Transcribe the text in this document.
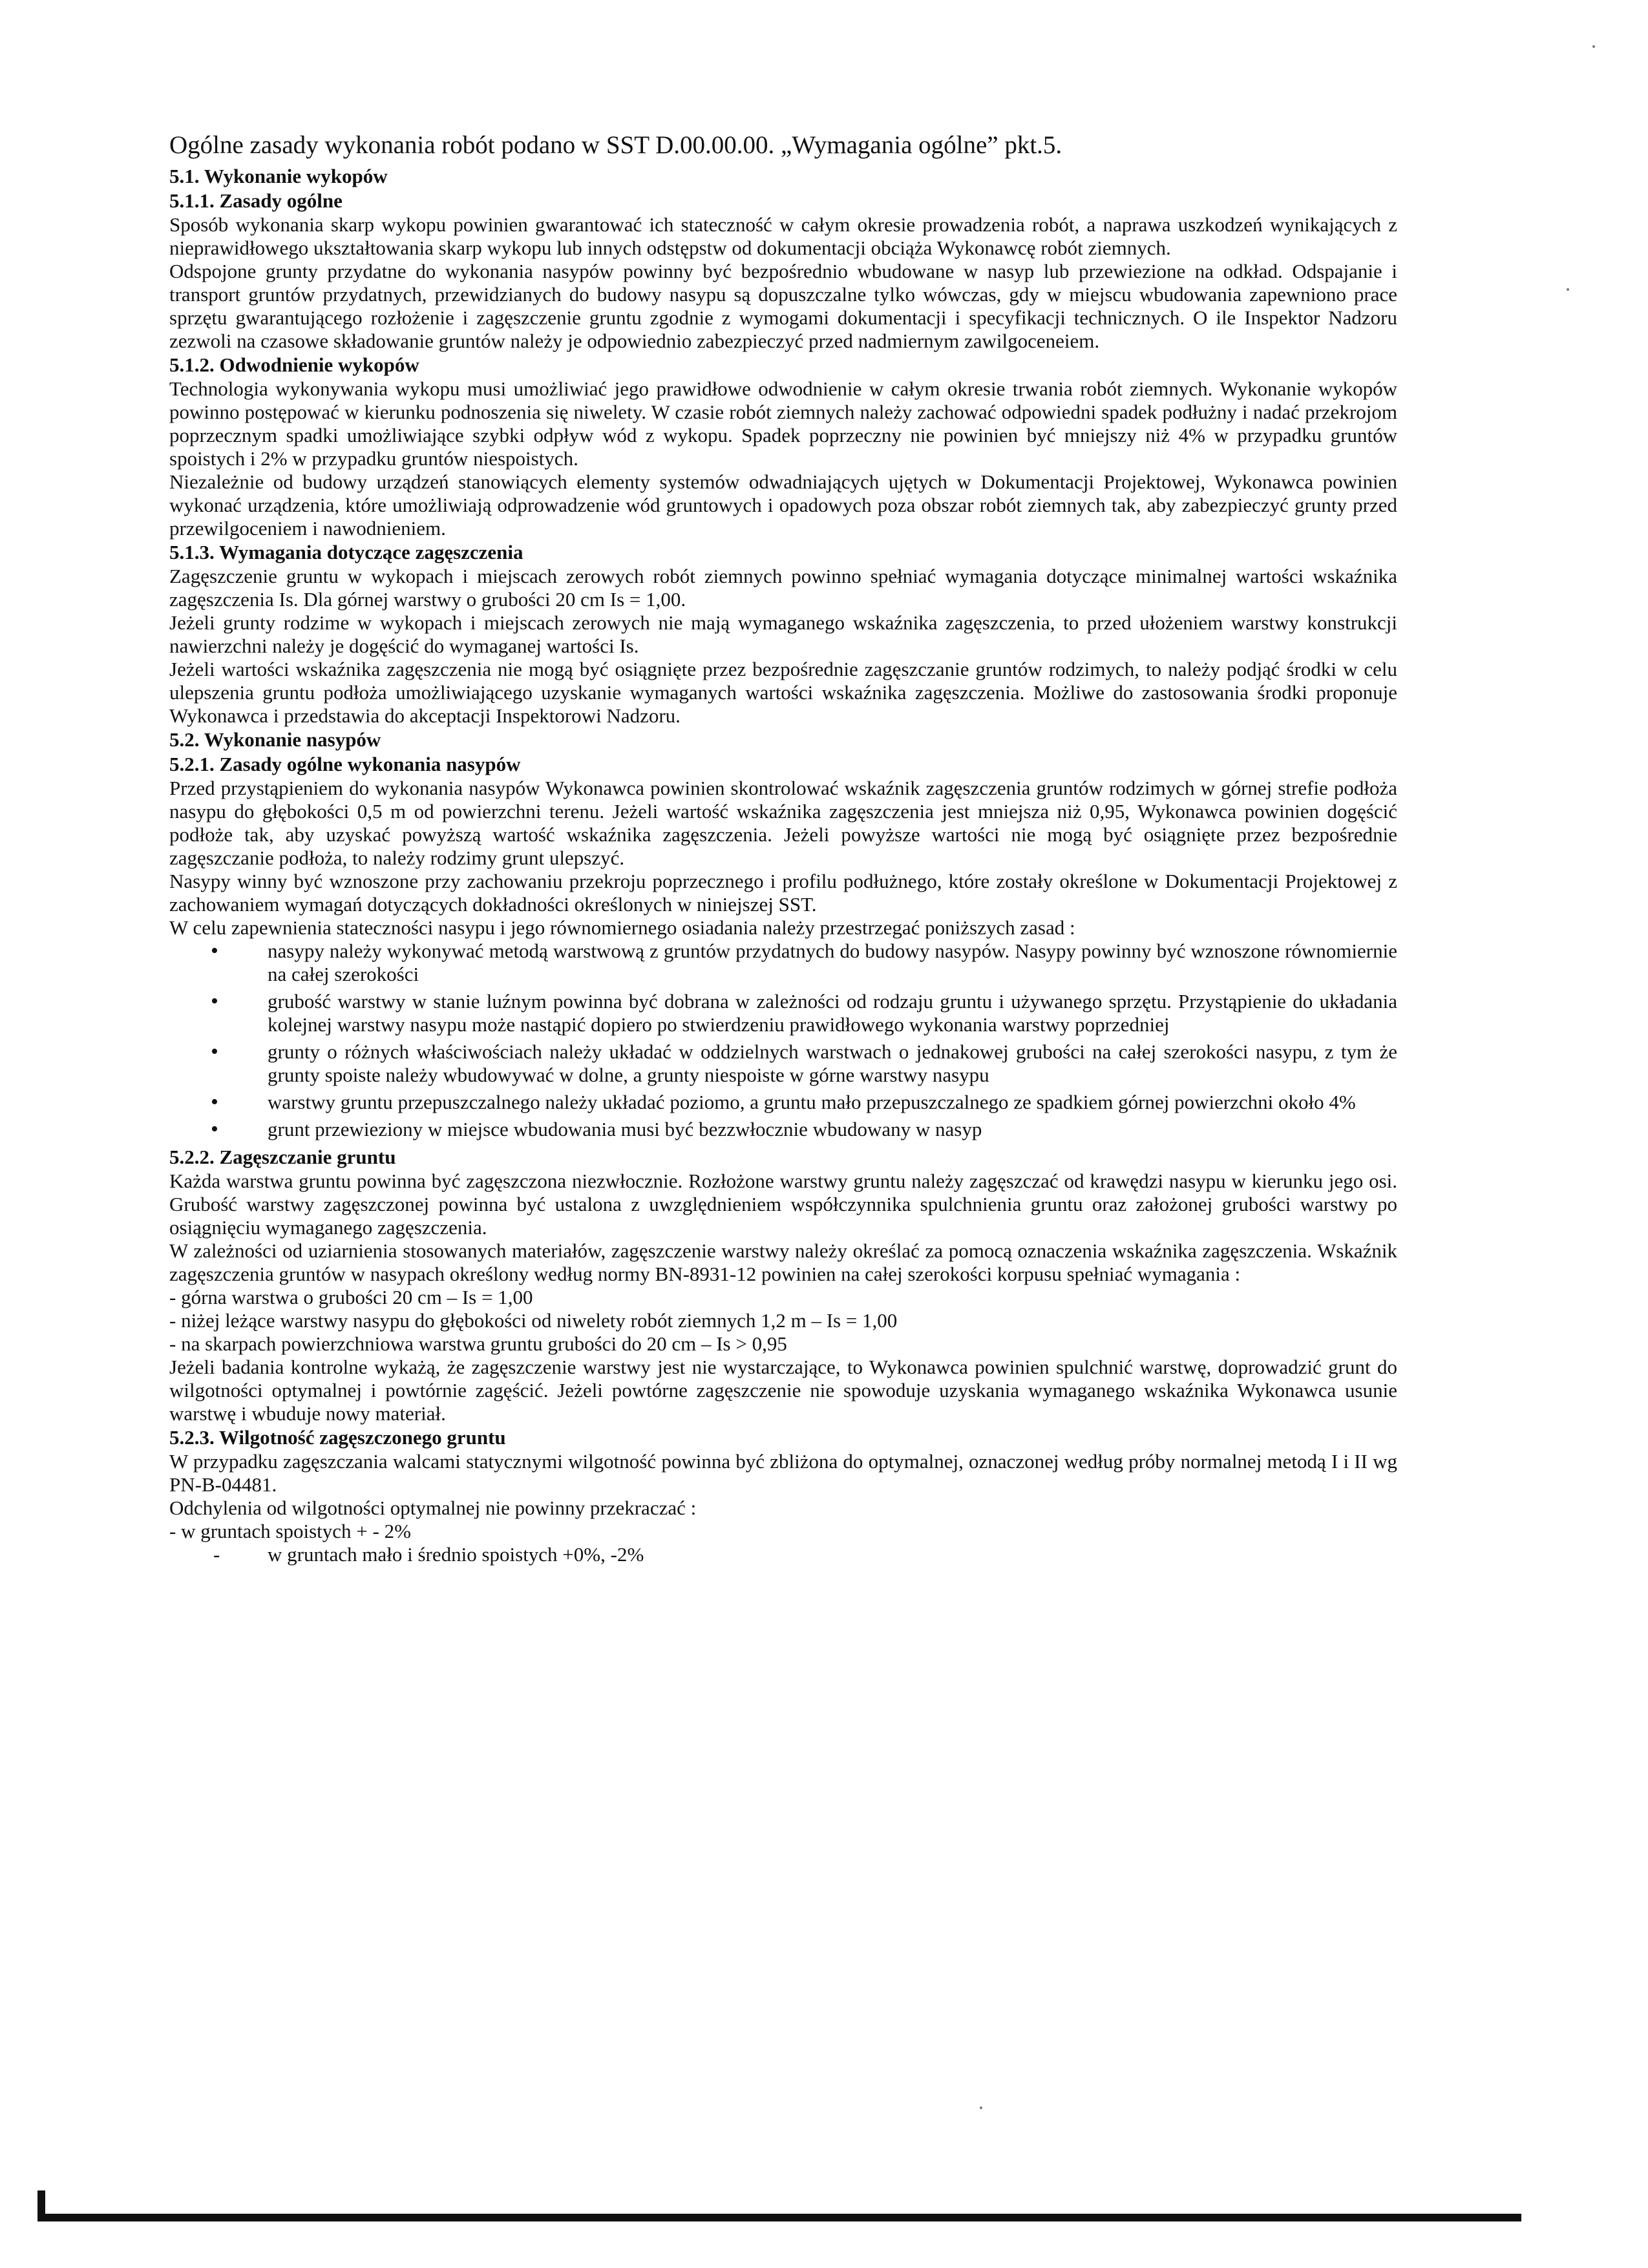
Ogólne zasady wykonania robót podano w SST D.00.00.00. „Wymagania ogólne” pkt.5.
5.1. Wykonanie wykopów
5.1.1. Zasady ogólne

Sposób wykonania skarp wykopu powinien gwarantować ich stateczność w całym okresie prowadzenia robót, a naprawa uszkodzeń wynikających z nieprawidłowego ukształtowania skarp wykopu lub innych odstępstw od dokumentacji obciąża Wykonawcę robót ziemnych.

Odspojone grunty przydatne do wykonania nasypów powinny być bezpośrednio wbudowane w nasyp lub przewiezione na odkład. Odspajanie i transport gruntów przydatnych, przewidzianych do budowy nasypu są dopuszczalne tylko wówczas, gdy w miejscu wbudowania zapewniono prace sprzętu gwarantującego rozłożenie i zagęszczenie gruntu zgodnie z wymogami dokumentacji i specyfikacji technicznych. O ile Inspektor Nadzoru zezwoli na czasowe składowanie gruntów należy je odpowiednio zabezpieczyć przed nadmiernym zawilgoceneiem.

5.1.2. Odwodnienie wykopów

Technologia wykonywania wykopu musi umożliwiać jego prawidłowe odwodnienie w całym okresie trwania robót ziemnych. Wykonanie wykopów powinno postępować w kierunku podnoszenia się niwelety. W czasie robót ziemnych należy zachować odpowiedni spadek podłużny i nadać przekrojom poprzecznym spadki umożliwiające szybki odpływ wód z wykopu. Spadek poprzeczny nie powinien być mniejszy niż 4% w przypadku gruntów spoistych i 2% w przypadku gruntów niespoistych.

Niezależnie od budowy urządzeń stanowiących elementy systemów odwadniających ujętych w Dokumentacji Projektowej, Wykonawca powinien wykonać urządzenia, które umożliwiają odprowadzenie wód gruntowych i opadowych poza obszar robót ziemnych tak, aby zabezpieczyć grunty przed przewilgoceniem i nawodnieniem.

5.1.3. Wymagania dotyczące zagęszczenia

Zagęszczenie gruntu w wykopach i miejscach zerowych robót ziemnych powinno spełniać wymagania dotyczące minimalnej wartości wskaźnika zagęszczenia Is. Dla górnej warstwy o grubości 20 cm Is = 1,00.

Jeżeli grunty rodzime w wykopach i miejscach zerowych nie mają wymaganego wskaźnika zagęszczenia, to przed ułożeniem warstwy konstrukcji nawierzchni należy je dogęścić do wymaganej wartości Is.

Jeżeli wartości wskaźnika zagęszczenia nie mogą być osiągnięte przez bezpośrednie zagęszczanie gruntów rodzimych, to należy podjąć środki w celu ulepszenia gruntu podłoża umożliwiającego uzyskanie wymaganych wartości wskaźnika zagęszczenia. Możliwe do zastosowania środki proponuje Wykonawca i przedstawia do akceptacji Inspektorowi Nadzoru.

5.2. Wykonanie nasypów
5.2.1. Zasady ogólne wykonania nasypów

Przed przystąpieniem do wykonania nasypów Wykonawca powinien skontrolować wskaźnik zagęszczenia gruntów rodzimych w górnej strefie podłoża nasypu do głębokości 0,5 m od powierzchni terenu. Jeżeli wartość wskaźnika zagęszczenia jest mniejsza niż 0,95, Wykonawca powinien dogęścić podłoże tak, aby uzyskać powyższą wartość wskaźnika zagęszczenia. Jeżeli powyższe wartości nie mogą być osiągnięte przez bezpośrednie zagęszczanie podłoża, to należy rodzimy grunt ulepszyć.

Nasypy winny być wznoszone przy zachowaniu przekroju poprzecznego i profilu podłużnego, które zostały określone w Dokumentacji Projektowej z zachowaniem wymagań dotyczących dokładności określonych w niniejszej SST.

W celu zapewnienia stateczności nasypu i jego równomiernego osiadania należy przestrzegać poniższych zasad :

• nasypy należy wykonywać metodą warstwową z gruntów przydatnych do budowy nasypów. Nasypy powinny być wznoszone równomiernie na całej szerokości
• grubość warstwy w stanie luźnym powinna być dobrana w zależności od rodzaju gruntu i używanego sprzętu. Przystąpienie do układania kolejnej warstwy nasypu może nastąpić dopiero po stwierdzeniu prawidłowego wykonania warstwy poprzedniej
• grunty o różnych właściwościach należy układać w oddzielnych warstwach o jednakowej grubości na całej szerokości nasypu, z tym że grunty spoiste należy wbudowywać w dolne, a grunty niespoiste w górne warstwy nasypu
• warstwy gruntu przepuszczalnego należy układać poziomo, a gruntu mało przepuszczalnego ze spadkiem górnej powierzchni około 4%
• grunt przewieziony w miejsce wbudowania musi być bezzwłocznie wbudowany w nasyp
5.2.2. Zagęszczanie gruntu

Każda warstwa gruntu powinna być zagęszczona niezwłocznie. Rozłożone warstwy gruntu należy zagęszczać od krawędzi nasypu w kierunku jego osi. Grubość warstwy zagęszczonej powinna być ustalona z uwzględnieniem współczynnika spulchnienia gruntu oraz założonej grubości warstwy po osiągnięciu wymaganego zagęszczenia.

W zależności od uziarnienia stosowanych materiałów, zagęszczenie warstwy należy określać za pomocą oznaczenia wskaźnika zagęszczenia. Wskaźnik zagęszczenia gruntów w nasypach określony według normy BN-8931-12 powinien na całej szerokości korpusu spełniać wymagania :

- górna warstwa o grubości 20 cm – Is = 1,00

- niżej leżące warstwy nasypu do głębokości od niwelety robót ziemnych 1,2 m – Is = 1,00

- na skarpach powierzchniowa warstwa gruntu grubości do 20 cm – Is > 0,95

Jeżeli badania kontrolne wykażą, że zagęszczenie warstwy jest nie wystarczające, to Wykonawca powinien spulchnić warstwę, doprowadzić grunt do wilgotności optymalnej i powtórnie zagęścić. Jeżeli powtórne zagęszczenie nie spowoduje uzyskania wymaganego wskaźnika Wykonawca usunie warstwę i wbuduje nowy materiał.

5.2.3. Wilgotność zagęszczonego gruntu

W przypadku zagęszczania walcami statycznymi wilgotność powinna być zbliżona do optymalnej, oznaczonej według próby normalnej metodą I i II wg PN-B-04481.

Odchylenia od wilgotności optymalnej nie powinny przekraczać :

- w gruntach spoistych + - 2%

- w gruntach mało i średnio spoistych +0%, -2%
